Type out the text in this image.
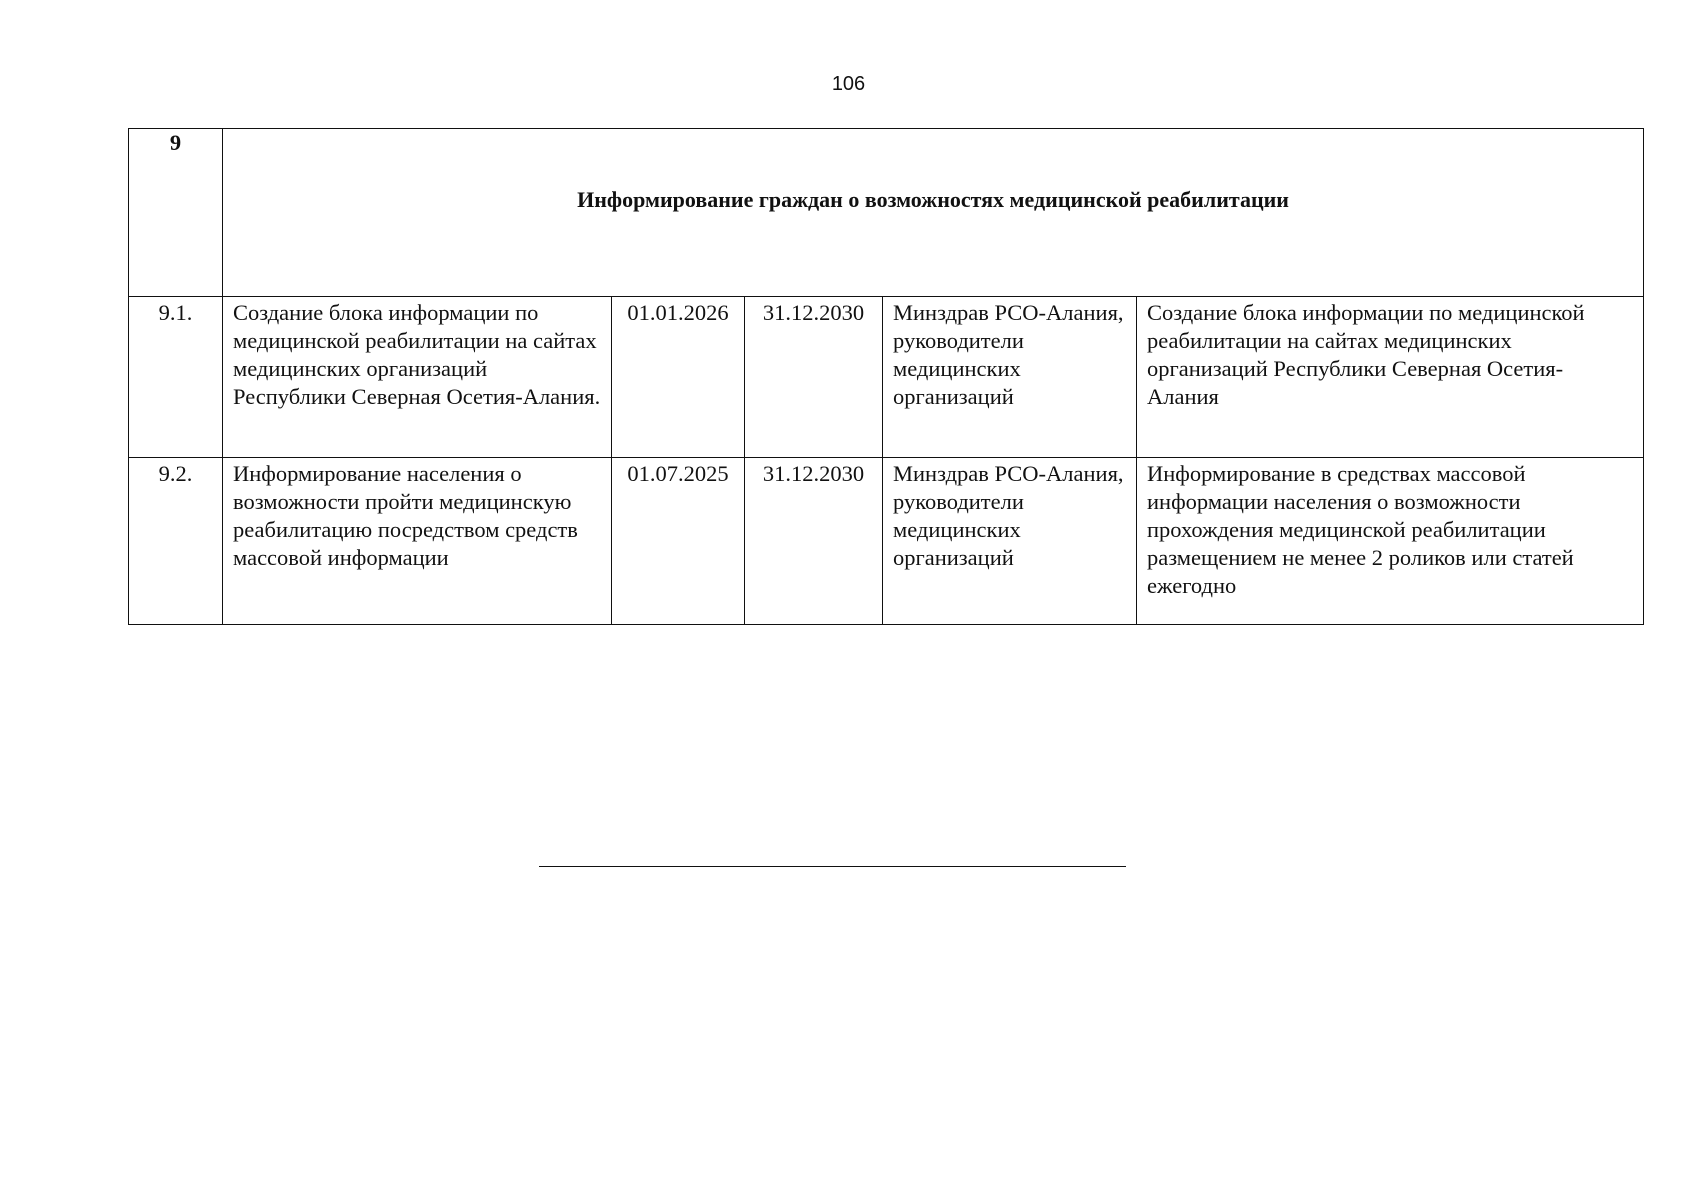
106
9	Информирование граждан о возможностях медицинской реабилитации				
9.1.	Создание блока информации по медицинской реабилитации на сайтах медицинских организаций Республики Северная Осетия-Алания.	01.01.2026	31.12.2030	Минздрав РСО-Алания, руководители медицинских организаций	Создание блока информации по медицинской реабилитации на сайтах медицинских организаций Республики Северная Осетия-Алания
9.2.	Информирование населения о возможности пройти медицинскую реабилитацию посредством средств массовой информации	01.07.2025	31.12.2030	Минздрав РСО-Алания, руководители медицинских организаций	Информирование в средствах массовой информации населения о возможности прохождения медицинской реабилитации размещением не менее 2 роликов или статей ежегодно
